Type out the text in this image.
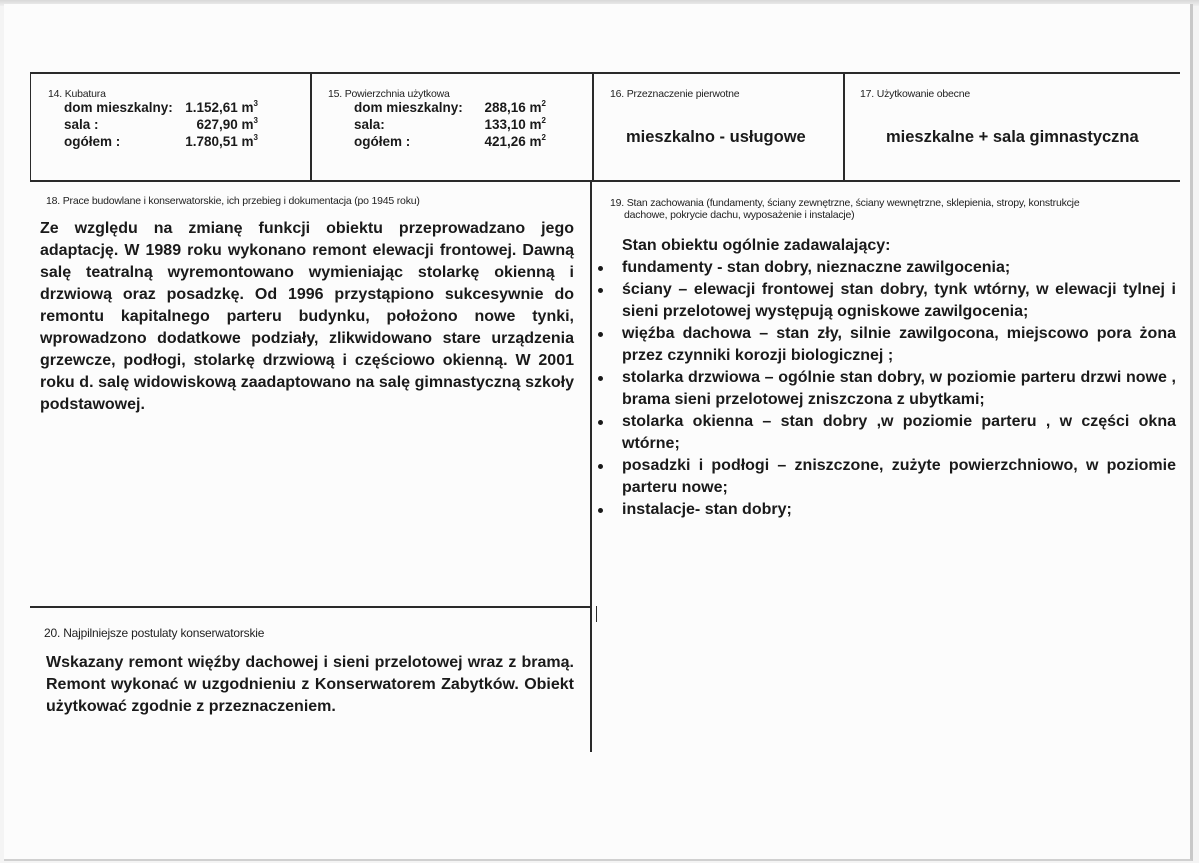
14. Kubatura
dom mieszkalny: 1.152,61 $m^3$
sala :	627,90 $m^3$
ogółem :	1.780,51 $m^3$
15. Powierzchnia użytkowa
dom mieszkalny:	288,16 $m^2$
sala:	133,10 $m^2$
ogółem :	421,26 $m^2$
16. Przeznaczenie pierwotne
mieszkalno - usługowe
17. Użytkowanie obecne
mieszkalne + sala gimnastyczna
18. Prace budowlane i konserwatorskie, ich przebieg i dokumentacja (po 1945 roku)

Ze względu na zmianę funkcji obiektu przeprowadzano jego adaptację. W 1989 roku wykonano remont elewacji frontowej. Dawną salę teatralną wyremontowano wymieniając stolarkę okienną i drzwiową oraz posadzkę. Od 1996 przystąpiono sukcesywnie do remontu kapitalnego parteru budynku, położono nowe tynki, wprowadzono dodatkowe podziały, zlikwidowano stare urządzenia grzewcze, podłogi, stolarkę drzwiową i częściowo okienną. W 2001 roku d. salę widowiskową zaadaptowano na salę gimnastyczną szkoły podstawowej.

19. Stan zachowania (fundamenty, ściany zewnętrzne, ściany wewnętrzne, sklepienia, stropy, konstrukcje
dachowe, pokrycie dachu, wyposażenie i instalacje)

Stan obiektu ogólnie zadawalający:

fundamenty - stan dobry, nieznaczne zawilgocenia;
ściany – elewacji frontowej stan dobry, tynk wtórny, w elewacji tylnej i sieni przelotowej występują ogniskowe zawilgocenia;
więźba dachowa – stan zły, silnie zawilgocona, miejscowo pora żona przez czynniki korozji biologicznej ;
stolarka drzwiowa – ogólnie stan dobry, w poziomie parteru drzwi nowe , brama sieni przelotowej zniszczona z ubytkami;
stolarka okienna – stan dobry ,w poziomie parteru , w części okna wtórne;
posadzki i podłogi – zniszczone, zużyte powierzchniowo, w poziomie parteru nowe;
instalacje- stan dobry;
20. Najpilniejsze postulaty konserwatorskie

Wskazany remont więźby dachowej i sieni przelotowej wraz z bramą. Remont wykonać w uzgodnieniu z Konserwatorem Zabytków. Obiekt użytkować zgodnie z przeznaczeniem.
